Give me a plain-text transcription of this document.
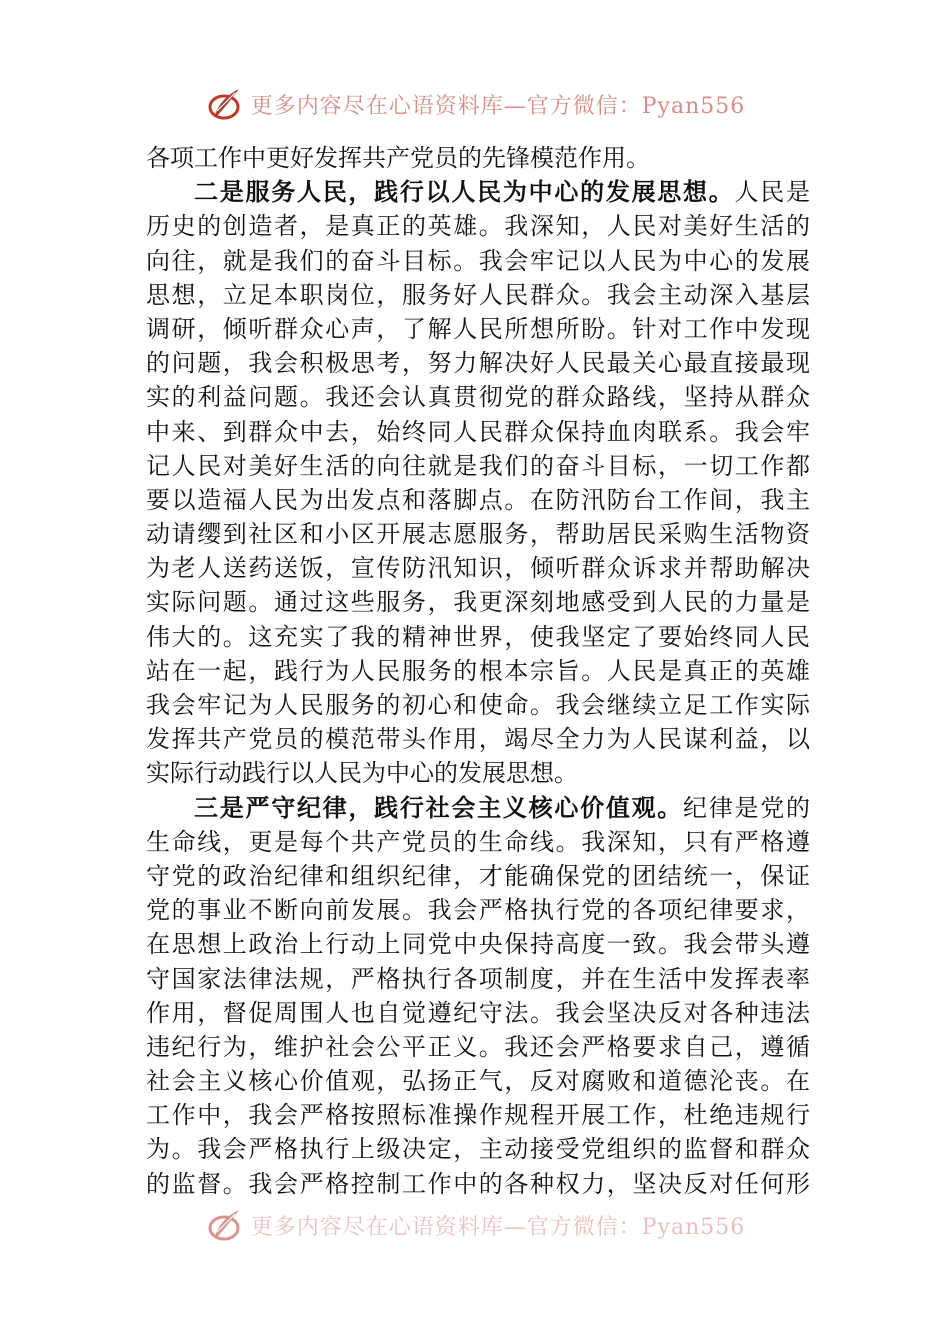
更多内容尽在心语资料库—官方微信：Pyan556
各项工作中更好发挥共产党员的先锋模范作用。
二是服务人民，践行以人民为中心的发展思想。人民是
历史的创造者，是真正的英雄。我深知，人民对美好生活的
向往，就是我们的奋斗目标。我会牢记以人民为中心的发展
思想，立足本职岗位，服务好人民群众。我会主动深入基层
调研，倾听群众心声，了解人民所想所盼。针对工作中发现
的问题，我会积极思考，努力解决好人民最关心最直接最现
实的利益问题。我还会认真贯彻党的群众路线，坚持从群众
中来、到群众中去，始终同人民群众保持血肉联系。我会牢
记人民对美好生活的向往就是我们的奋斗目标，一切工作都
要以造福人民为出发点和落脚点。在防汛防台工作间，我主
动请缨到社区和小区开展志愿服务，帮助居民采购生活物资
为老人送药送饭，宣传防汛知识，倾听群众诉求并帮助解决
实际问题。通过这些服务，我更深刻地感受到人民的力量是
伟大的。这充实了我的精神世界，使我坚定了要始终同人民
站在一起，践行为人民服务的根本宗旨。人民是真正的英雄
我会牢记为人民服务的初心和使命。我会继续立足工作实际
发挥共产党员的模范带头作用，竭尽全力为人民谋利益，以
实际行动践行以人民为中心的发展思想。
三是严守纪律，践行社会主义核心价值观。纪律是党的
生命线，更是每个共产党员的生命线。我深知，只有严格遵
守党的政治纪律和组织纪律，才能确保党的团结统一，保证
党的事业不断向前发展。我会严格执行党的各项纪律要求，
在思想上政治上行动上同党中央保持高度一致。我会带头遵
守国家法律法规，严格执行各项制度，并在生活中发挥表率
作用，督促周围人也自觉遵纪守法。我会坚决反对各种违法
违纪行为，维护社会公平正义。我还会严格要求自己，遵循
社会主义核心价值观，弘扬正气，反对腐败和道德沦丧。在
工作中，我会严格按照标准操作规程开展工作，杜绝违规行
为。我会严格执行上级决定，主动接受党组织的监督和群众
的监督。我会严格控制工作中的各种权力，坚决反对任何形
更多内容尽在心语资料库—官方微信：Pyan556
